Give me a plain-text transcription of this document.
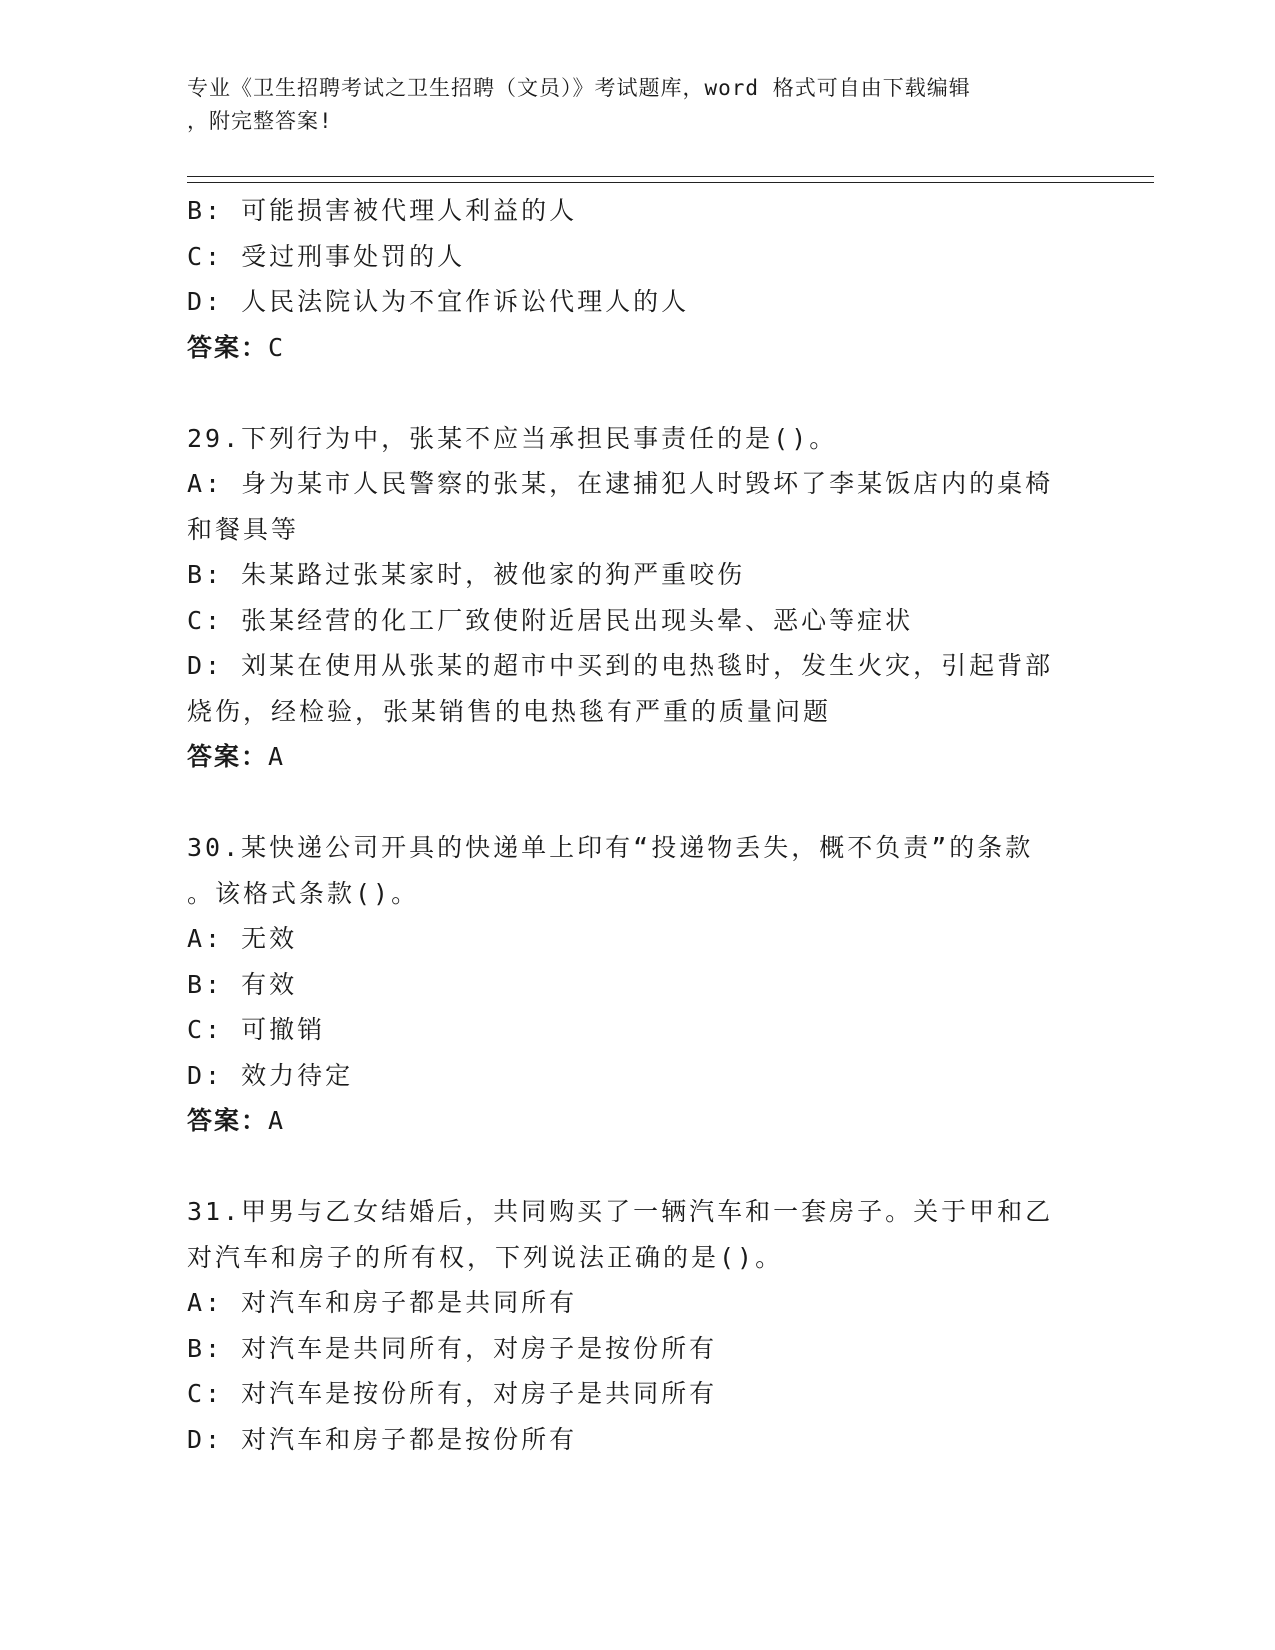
专业《卫生招聘考试之卫生招聘（文员）》考试题库，word 格式可自由下载编辑
，附完整答案!

B: 可能损害被代理人利益的人

C: 受过刑事处罚的人

D: 人民法院认为不宜作诉讼代理人的人

答案：C

29.下列行为中，张某不应当承担民事责任的是()。

A: 身为某市人民警察的张某，在逮捕犯人时毁坏了李某饭店内的桌椅

和餐具等

B: 朱某路过张某家时，被他家的狗严重咬伤

C: 张某经营的化工厂致使附近居民出现头晕、恶心等症状

D: 刘某在使用从张某的超市中买到的电热毯时，发生火灾，引起背部

烧伤，经检验，张某销售的电热毯有严重的质量问题

答案：A

30.某快递公司开具的快递单上印有“投递物丢失，概不负责”的条款

。该格式条款()。

A: 无效

B: 有效

C: 可撤销

D: 效力待定

答案：A

31.甲男与乙女结婚后，共同购买了一辆汽车和一套房子。关于甲和乙

对汽车和房子的所有权，下列说法正确的是()。

A: 对汽车和房子都是共同所有

B: 对汽车是共同所有，对房子是按份所有

C: 对汽车是按份所有，对房子是共同所有

D: 对汽车和房子都是按份所有
